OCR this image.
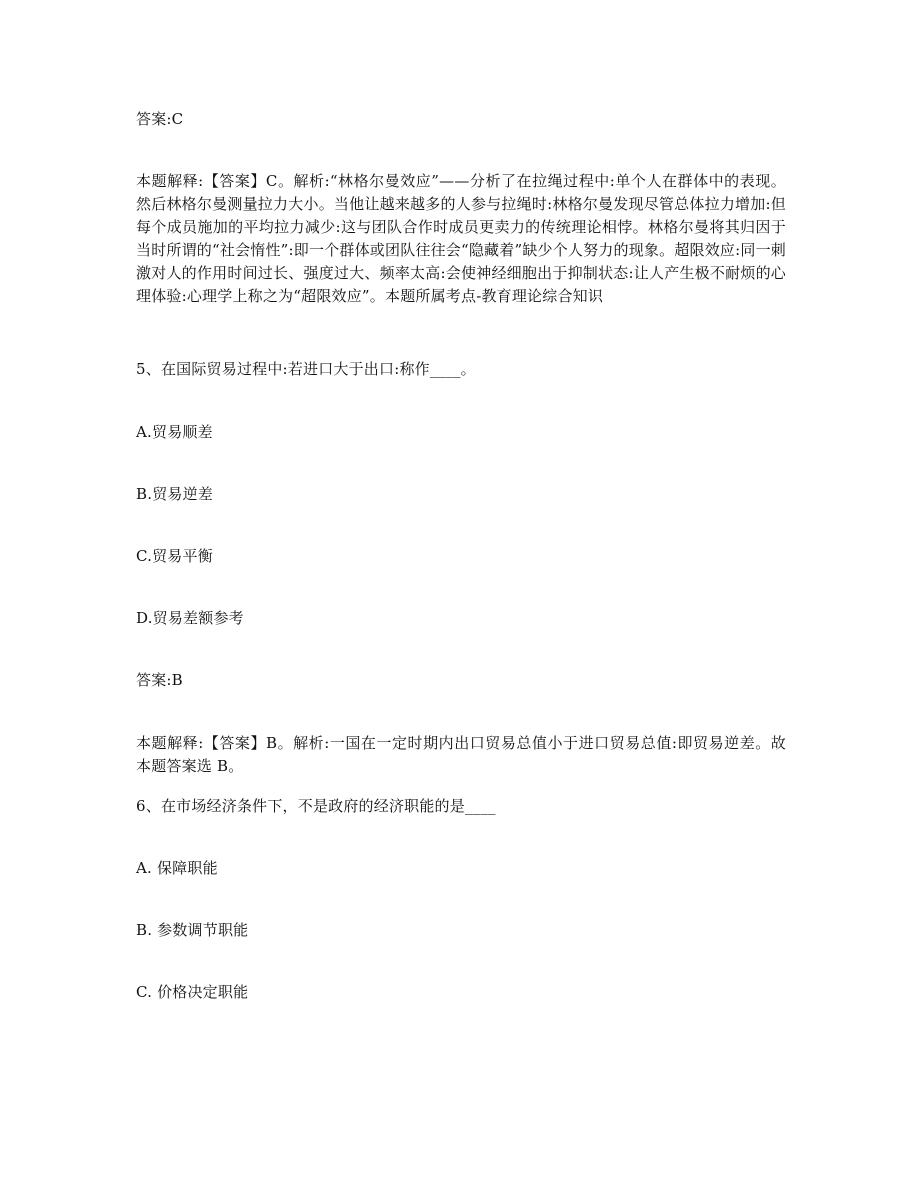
答案:C
本题解释:【答案】C。解析:“林格尔曼效应”——分析了在拉绳过程中:单个人在群体中的表现。然后林格尔曼测量拉力大小。当他让越来越多的人参与拉绳时:林格尔曼发现尽管总体拉力增加:但每个成员施加的平均拉力减少:这与团队合作时成员更卖力的传统理论相悖。林格尔曼将其归因于当时所谓的“社会惰性”:即一个群体或团队往往会“隐藏着”缺少个人努力的现象。超限效应:同一刺激对人的作用时间过长、强度过大、频率太高:会使神经细胞出于抑制状态:让人产生极不耐烦的心理体验:心理学上称之为“超限效应”。本题所属考点-教育理论综合知识
5、在国际贸易过程中:若进口大于出口:称作____。
A.贸易顺差
B.贸易逆差
C.贸易平衡
D.贸易差额参考
答案:B
本题解释:【答案】B。解析:一国在一定时期内出口贸易总值小于进口贸易总值:即贸易逆差。故本题答案选 B。
6、在市场经济条件下，不是政府的经济职能的是____
A. 保障职能
B. 参数调节职能
C. 价格决定职能
